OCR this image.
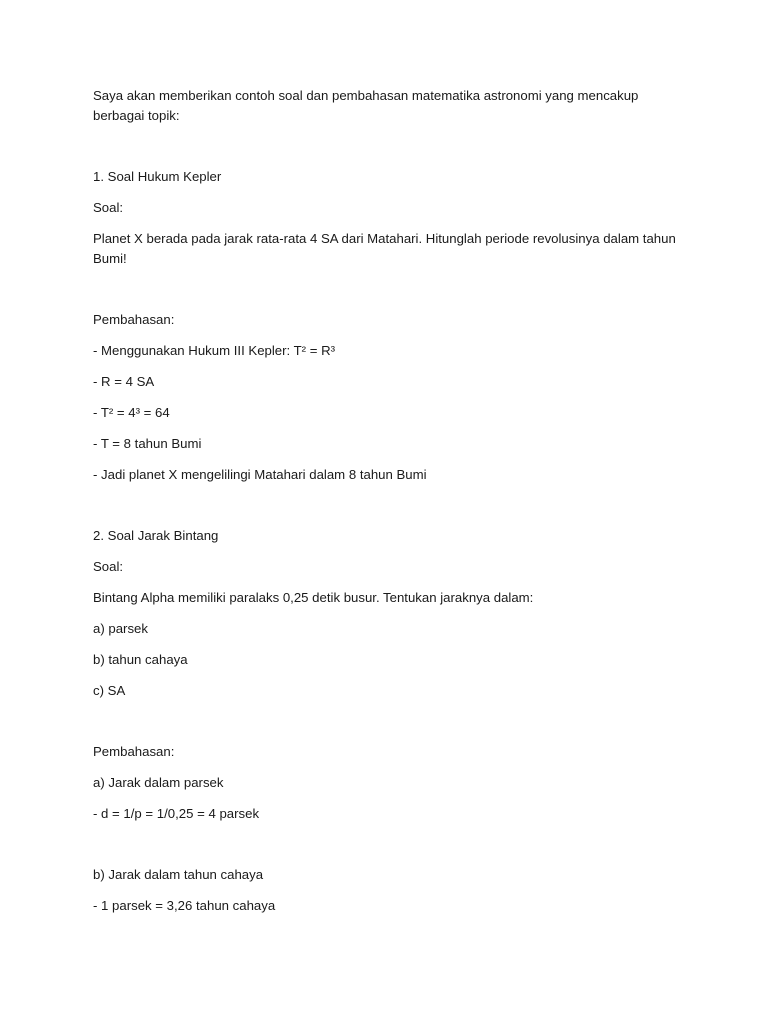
Saya akan memberikan contoh soal dan pembahasan matematika astronomi yang mencakup berbagai topik:

1. Soal Hukum Kepler

Soal:

Planet X berada pada jarak rata-rata 4 SA dari Matahari. Hitunglah periode revolusinya dalam tahun Bumi!

Pembahasan:

- Menggunakan Hukum III Kepler: T² = R³

- R = 4 SA

- T² = 4³ = 64

- T = 8 tahun Bumi

- Jadi planet X mengelilingi Matahari dalam 8 tahun Bumi

2. Soal Jarak Bintang

Soal:

Bintang Alpha memiliki paralaks 0,25 detik busur. Tentukan jaraknya dalam:

a) parsek

b) tahun cahaya

c) SA

Pembahasan:

a) Jarak dalam parsek

- d = 1/p = 1/0,25 = 4 parsek

b) Jarak dalam tahun cahaya

- 1 parsek = 3,26 tahun cahaya
